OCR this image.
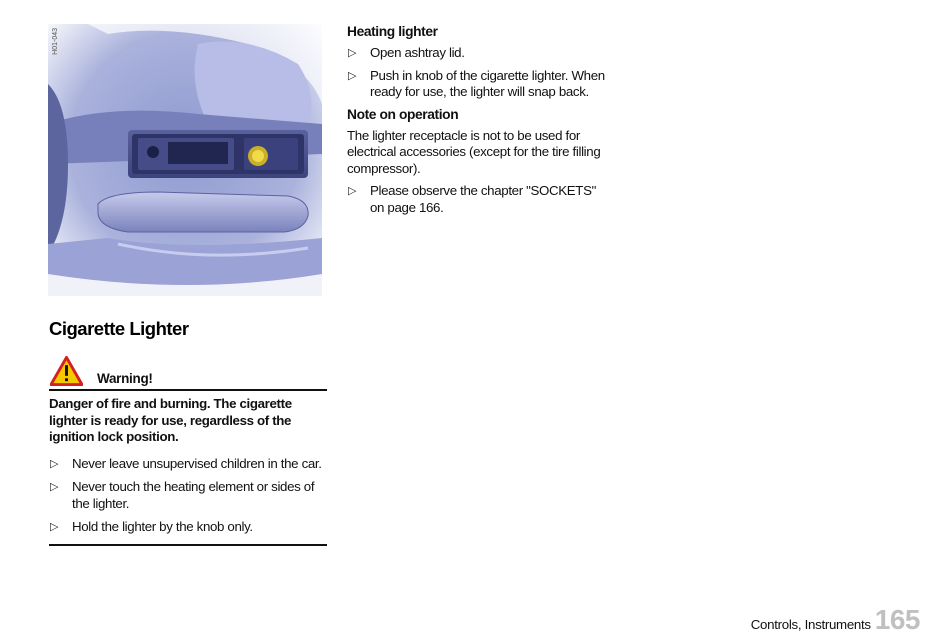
H01-043
Cigarette Lighter
Warning!

Danger of fire and burning. The cigarette lighter is ready for use, regardless of the ignition lock position.

▷ Never leave unsupervised children in the car.
▷ Never touch the heating element or sides of the lighter.
▷ Hold the lighter by the knob only.
Heating lighter
▷ Open ashtray lid.
▷ Push in knob of the cigarette lighter. When ready for use, the lighter will snap back.
Note on operation

The lighter receptacle is not to be used for electrical accessories (except for the tire filling compressor).

▷ Please observe the chapter "SOCKETS" on page 166.
Controls, Instruments 165
